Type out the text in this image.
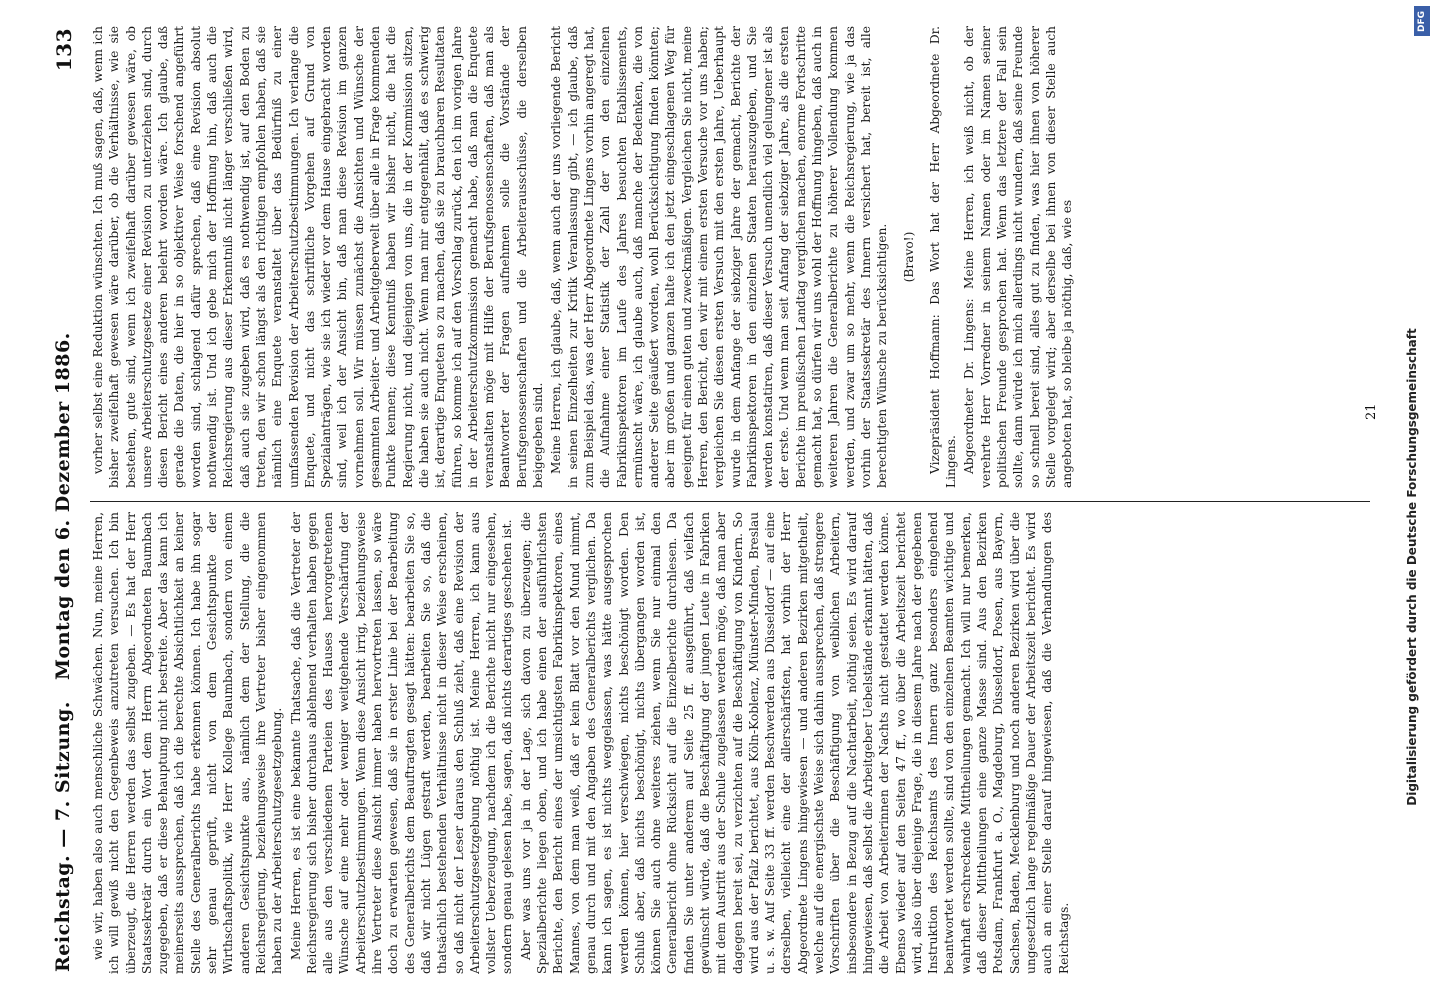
Reichstag. — 7. Sitzung.
Montag den 6. Dezember 1886.
133

wie wir, haben also auch menschliche Schwächen. Nun, meine Herren, ich will gewiß nicht den Gegenbeweis anzutreten versuchen. Ich bin überzeugt, die Herren werden das selbst zugeben. — Es hat der Herr Staatssekretär durch ein Wort dem Herrn Abgeordneten Baumbach zugegeben, daß er diese Behauptung nicht bestreite. Aber das kann ich meinerseits aussprechen, daß ich die berechte Absichtlichkeit an keiner Stelle des Generalberichts habe erkennen können. Ich habe ihn sogar sehr genau geprüft, nicht von dem Gesichtspunkte der Wirthschaftspolitik, wie Herr Kollege Baumbach, sondern von einem anderen Gesichtspunkte aus, nämlich dem der Stellung, die die Reichsregierung, beziehungsweise ihre Vertreter bisher eingenommen haben zu der Arbeiterschutzgesetzgebung. Meine Herren, es ist eine bekannte Thatsache, daß die Vertreter der Reichsregierung sich bisher durchaus ablehnend verhalten haben gegen alle aus den verschiedenen Parteien des Hauses hervorgetretenen Wünsche auf eine mehr oder weniger weitgehende Verschärfung der Arbeiterschutzbestimmungen. Wenn diese Ansicht irrig, beziehungsweise ihre Vertreter diese Ansicht immer haben hervortreten lassen, so wäre doch zu erwarten gewesen, daß sie in erster Linie bei der Bearbeitung des Generalberichts dem Beauftragten gesagt hätten: bearbeiten Sie so, daß wir nicht Lügen gestraft werden, bearbeiten Sie so, daß die thatsächlich bestehenden Verhältnisse nicht in dieser Weise erscheinen, so daß nicht der Leser daraus den Schluß zieht, daß eine Revision der Arbeiterschutzgesetzgebung nöthig ist. Meine Herren, ich kann aus vollster Ueberzeugung, nachdem ich die Berichte nicht nur eingesehen, sondern genau gelesen habe, sagen, daß nichts derartiges geschehen ist. Aber was uns vor ja in der Lage, sich davon zu überzeugen; die Spezialberichte liegen oben, und ich habe einen der ausführlichsten Berichte, den Bericht eines der umsichtigsten Fabrikinspektoren, eines Mannes, von dem man weiß, daß er kein Blatt vor den Mund nimmt, genau durch und mit den Angaben des Generalberichts verglichen. Da kann ich sagen, es ist nichts weggelassen, was hätte ausgesprochen werden können, hier verschwiegen, nichts beschönigt worden. Den Schluß aber, daß nichts beschönigt, nichts übergangen worden ist, können Sie auch ohne weiteres ziehen, wenn Sie nur einmal den Generalbericht ohne Rücksicht auf die Einzelberichte durchlesen. Da finden Sie unter anderem auf Seite 25 ff. ausgeführt, daß vielfach gewünscht würde, daß die Beschäftigung der jungen Leute in Fabriken mit dem Austritt aus der Schule zugelassen werden möge, daß man aber dagegen bereit sei, zu verzichten auf die Beschäftigung von Kindern. So wird aus der Pfalz berichtet, aus Köln-Koblenz, Münster-Minden, Breslau u. s. w. Auf Seite 33 ff. werden Beschwerden aus Düsseldorf — auf eine derselben, vielleicht eine der allerschärfsten, hat vorhin der Herr Abgeordnete Lingens hingewiesen — und anderen Bezirken mitgetheilt, welche auf die energischste Weise sich dahin aussprechen, daß strengere Vorschriften über die Beschäftigung von weiblichen Arbeitern, insbesondere in Bezug auf die Nachtarbeit, nöthig seien. Es wird darauf hingewiesen, daß selbst die Arbeitgeber Uebelstände erkannt hätten, daß die Arbeit von Arbeiterinnen der Nachts nicht gestattet werden könne. Ebenso wieder auf den Seiten 47 ff., wo über die Arbeitszeit berichtet wird, also über diejenige Frage, die in diesem Jahre nach der gegebenen Instruktion des Reichsamts des Innern ganz besonders eingehend beantwortet werden sollte, sind von den einzelnen Beamten wichtige und wahrhaft erschreckende Mittheilungen gemacht. Ich will nur bemerken, daß dieser Mittheilungen eine ganze Masse sind. Aus den Bezirken Potsdam, Frankfurt a. O., Magdeburg, Düsseldorf, Posen, aus Bayern, Sachsen, Baden, Mecklenburg und noch anderen Bezirken wird über die ungesetzlich lange regelmäßige Dauer der Arbeitszeit berichtet. Es wird auch an einer Stelle darauf hingewiesen, daß die Verhandlungen des Reichstags.

vorher selbst eine Reduktion wünschten. Ich muß sagen, daß, wenn ich bisher zweifelhaft gewesen wäre darüber, ob die Verhältnisse, wie sie bestehen, gute sind, wenn ich zweifelhaft darüber gewesen wäre, ob unsere Arbeiterschutzgesetze einer Revision zu unterziehen sind, durch diesen Bericht eines anderen belehrt worden wäre. Ich glaube, daß gerade die Daten, die hier in so objektiver Weise forschend angeführt worden sind, schlagend dafür sprechen, daß eine Revision absolut nothwendig ist. Und ich gebe mich der Hoffnung hin, daß auch die Reichsregierung aus dieser Erkenntniß nicht länger verschließen wird, daß auch sie zugeben wird, daß es nothwendig ist, auf den Boden zu treten, den wir schon längst als den richtigen empfohlen haben, daß sie nämlich eine Enquete veranstaltet über das Bedürfniß zu einer umfassenden Revision der Arbeiterschutzbestimmungen. Ich verlange die Enquete, und nicht das schriftliche Vorgehen auf Grund von Spezialanträgen, wie sie ich wieder vor dem Hause eingebracht worden sind, weil ich der Ansicht bin, daß man diese Revision im ganzen vornehmen soll. Wir müssen zunächst die Ansichten und Wünsche der gesammten Arbeiter- und Arbeitgeberwelt über alle in Frage kommenden Punkte kennen; diese Kenntniß haben wir bisher nicht, die hat die Regierung nicht, und diejenigen von uns, die in der Kommission sitzen, die haben sie auch nicht. Wenn man mir entgegenhält, daß es schwierig ist, derartige Enqueten so zu machen, daß sie zu brauchbaren Resultaten führen, so komme ich auf den Vorschlag zurück, den ich im vorigen Jahre in der Arbeiterschutzkommission gemacht habe, daß man die Enquete veranstalten möge mit Hilfe der Berufsgenossenschaften, daß man als Beantworter der Fragen aufnehmen solle die Vorstände der Berufsgenossenschaften und die Arbeiterausschüsse, die derselben beigegeben sind. Meine Herren, ich glaube, daß, wenn auch der uns vorliegende Bericht in seinen Einzelheiten zur Kritik Veranlassung gibt, — ich glaube, daß zum Beispiel das, was der Herr Abgeordnete Lingens vorhin angeregt hat, die Aufnahme einer Statistik der Zahl der von den einzelnen Fabrikinspektoren im Laufe des Jahres besuchten Etablissements, ermünscht wäre, ich glaube auch, daß manche der Bedenken, die von anderer Seite geäußert worden, wohl Berücksichtigung finden könnten; aber im großen und ganzen halte ich den jetzt eingeschlagenen Weg für geeignet für einen guten und zweckmäßigen. Vergleichen Sie nicht, meine Herren, den Bericht, den wir mit einem ersten Versuche vor uns haben; vergleichen Sie diesen ersten Versuch mit den ersten Jahre, Ueberhaupt wurde in dem Anfange der siebziger Jahre der gemacht, Berichte der Fabrikinspektoren in den einzelnen Staaten herauszugeben, und Sie werden konstatiren, daß dieser Versuch unendlich viel gelungener ist als der erste. Und wenn man seit Anfang der siebziger Jahre, als die ersten Berichte im preußischen Landtag verglichen machen, enorme Fortschritte gemacht hat, so dürfen wir uns wohl der Hoffnung hingeben, daß auch in weiteren Jahren die Generalberichte zu höherer Vollendung kommen werden, und zwar um so mehr, wenn die Reichsregierung, wie ja das vorhin der Staatssekretär des Innern versichert hat, bereit ist, alle berechtigten Wünsche zu berücksichtigen. (Bravo!) Vizepräsident Hoffmann: Das Wort hat der Herr Abgeordnete Dr. Lingens. Abgeordneter Dr. Lingens: Meine Herren, ich weiß nicht, ob der verehrte Herr Vorredner in seinem Namen oder im Namen seiner politischen Freunde gesprochen hat. Wenn das letztere der Fall sein sollte, dann würde ich mich allerdings nicht wundern, daß seine Freunde so schnell bereit sind, alles gut zu finden, was hier ihnen von höherer Stelle vorgelegt wird; aber derselbe bei ihnen von dieser Stelle auch angeboten hat, so bleibe ja nöthig, daß, wie es	21
DFG
Digitalisierung gefördert durch die Deutsche Forschungsgemeinschaft
